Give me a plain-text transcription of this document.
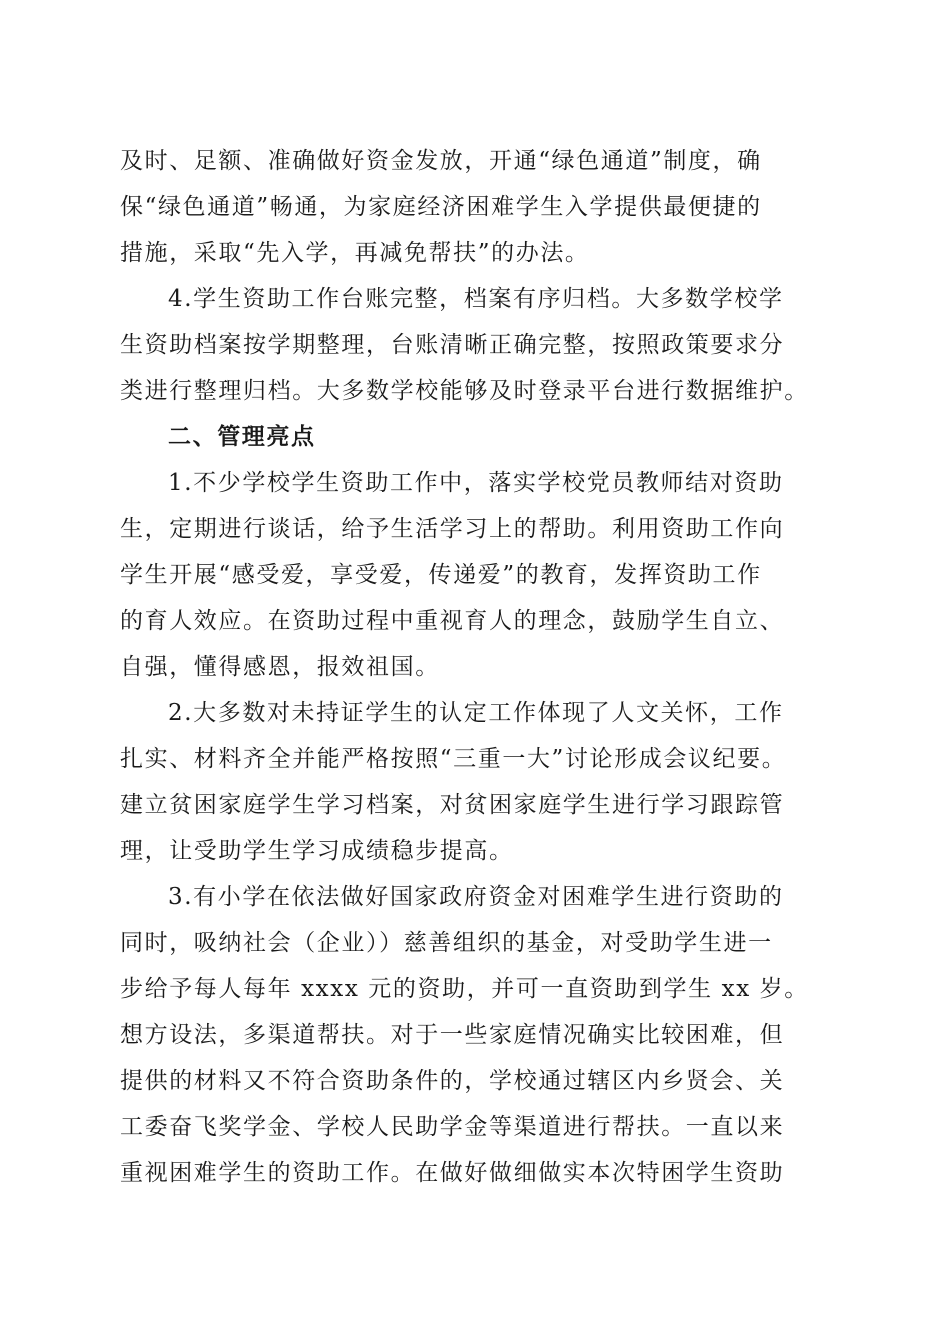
及时、足额、准确做好资金发放，开通“绿色通道”制度，确
保“绿色通道”畅通，为家庭经济困难学生入学提供最便捷的
措施，采取“先入学，再减免帮扶”的办法。
4.学生资助工作台账完整，档案有序归档。大多数学校学
生资助档案按学期整理，台账清晰正确完整，按照政策要求分
类进行整理归档。大多数学校能够及时登录平台进行数据维护。
二、管理亮点
1.不少学校学生资助工作中，落实学校党员教师结对资助
生，定期进行谈话，给予生活学习上的帮助。利用资助工作向
学生开展“感受爱，享受爱，传递爱”的教育，发挥资助工作
的育人效应。在资助过程中重视育人的理念，鼓励学生自立、
自强，懂得感恩，报效祖国。
2.大多数对未持证学生的认定工作体现了人文关怀，工作
扎实、材料齐全并能严格按照“三重一大”讨论形成会议纪要。
建立贫困家庭学生学习档案，对贫困家庭学生进行学习跟踪管
理，让受助学生学习成绩稳步提高。
3.有小学在依法做好国家政府资金对困难学生进行资助的
同时，吸纳社会（企业））慈善组织的基金，对受助学生进一
步给予每人每年 xxxx 元的资助，并可一直资助到学生 xx 岁。
想方设法，多渠道帮扶。对于一些家庭情况确实比较困难，但
提供的材料又不符合资助条件的，学校通过辖区内乡贤会、关
工委奋飞奖学金、学校人民助学金等渠道进行帮扶。一直以来
重视困难学生的资助工作。在做好做细做实本次特困学生资助
